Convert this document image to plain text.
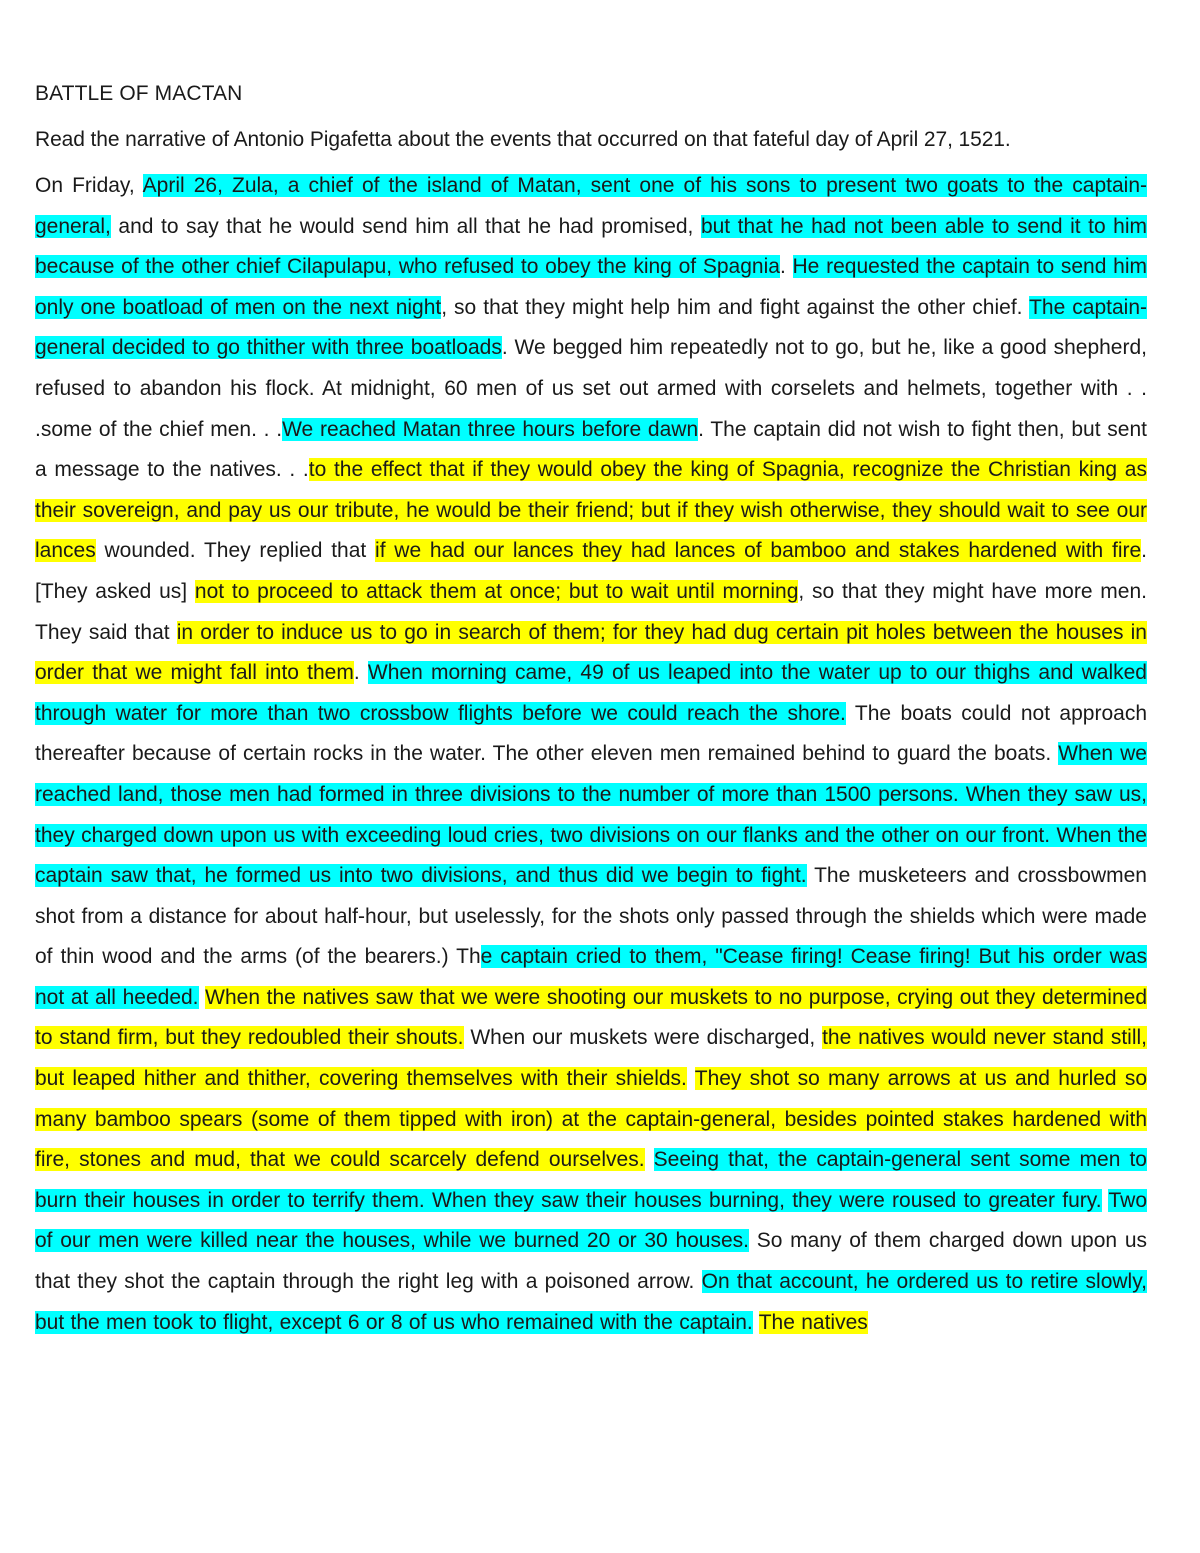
BATTLE OF MACTAN
Read the narrative of Antonio Pigafetta about the events that occurred on that fateful day of April 27, 1521.

On Friday, April 26, Zula, a chief of the island of Matan, sent one of his sons to present two goats to the captain-general, and to say that he would send him all that he had promised, but that he had not been able to send it to him because of the other chief Cilapulapu, who refused to obey the king of Spagnia. He requested the captain to send him only one boatload of men on the next night, so that they might help him and fight against the other chief. The captain-general decided to go thither with three boatloads. We begged him repeatedly not to go, but he, like a good shepherd, refused to abandon his flock. At midnight, 60 men of us set out armed with corselets and helmets, together with . . .some of the chief men. . .We reached Matan three hours before dawn. The captain did not wish to fight then, but sent a message to the natives. . .to the effect that if they would obey the king of Spagnia, recognize the Christian king as their sovereign, and pay us our tribute, he would be their friend; but if they wish otherwise, they should wait to see our lances wounded. They replied that if we had our lances they had lances of bamboo and stakes hardened with fire. [They asked us] not to proceed to attack them at once; but to wait until morning, so that they might have more men. They said that in order to induce us to go in search of them; for they had dug certain pit holes between the houses in order that we might fall into them. When morning came, 49 of us leaped into the water up to our thighs and walked through water for more than two crossbow flights before we could reach the shore. The boats could not approach thereafter because of certain rocks in the water. The other eleven men remained behind to guard the boats. When we reached land, those men had formed in three divisions to the number of more than 1500 persons. When they saw us, they charged down upon us with exceeding loud cries, two divisions on our flanks and the other on our front. When the captain saw that, he formed us into two divisions, and thus did we begin to fight. The musketeers and crossbowmen shot from a distance for about half-hour, but uselessly, for the shots only passed through the shields which were made of thin wood and the arms (of the bearers.) The captain cried to them, "Cease firing! Cease firing! But his order was not at all heeded. When the natives saw that we were shooting our muskets to no purpose, crying out they determined to stand firm, but they redoubled their shouts. When our muskets were discharged, the natives would never stand still, but leaped hither and thither, covering themselves with their shields. They shot so many arrows at us and hurled so many bamboo spears (some of them tipped with iron) at the captain-general, besides pointed stakes hardened with fire, stones and mud, that we could scarcely defend ourselves. Seeing that, the captain-general sent some men to burn their houses in order to terrify them. When they saw their houses burning, they were roused to greater fury. Two of our men were killed near the houses, while we burned 20 or 30 houses. So many of them charged down upon us that they shot the captain through the right leg with a poisoned arrow. On that account, he ordered us to retire slowly, but the men took to flight, except 6 or 8 of us who remained with the captain. The natives
